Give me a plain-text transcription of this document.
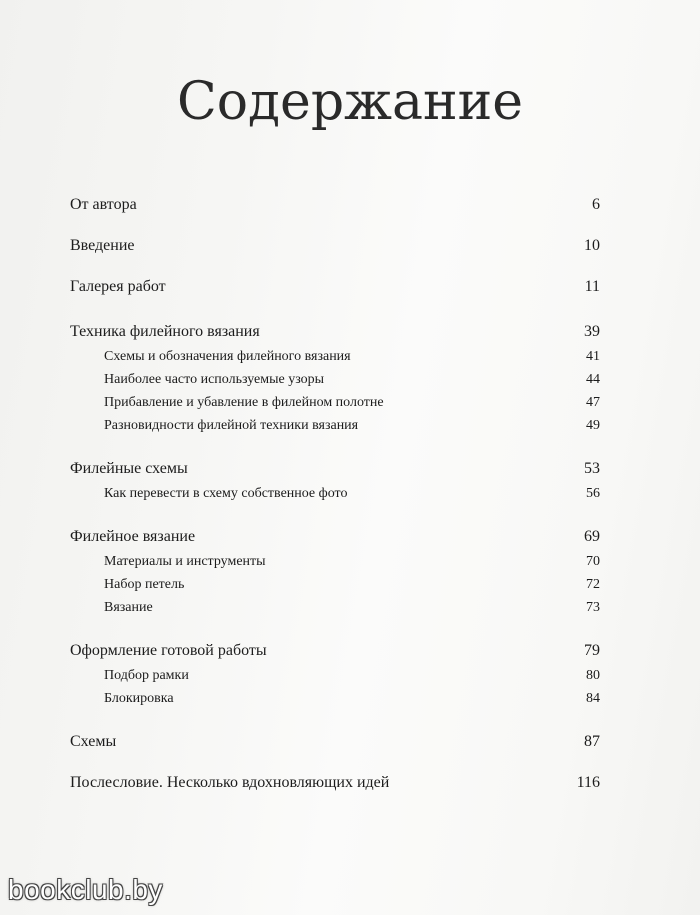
Содержание
От автора	6
Введение	10
Галерея работ	11
Техника филейного вязания	39
Схемы и обозначения филейного вязания	41
Наиболее часто используемые узоры	44
Прибавление и убавление в филейном полотне	47
Разновидности филейной техники вязания	49
Филейные схемы	53
Как перевести в схему собственное фото	56
Филейное вязание	69
Материалы и инструменты	70
Набор петель	72
Вязание	73
Оформление готовой работы	79
Подбор рамки	80
Блокировка	84
Схемы	87
Послесловие. Несколько вдохновляющих идей	116
bookclub.by
